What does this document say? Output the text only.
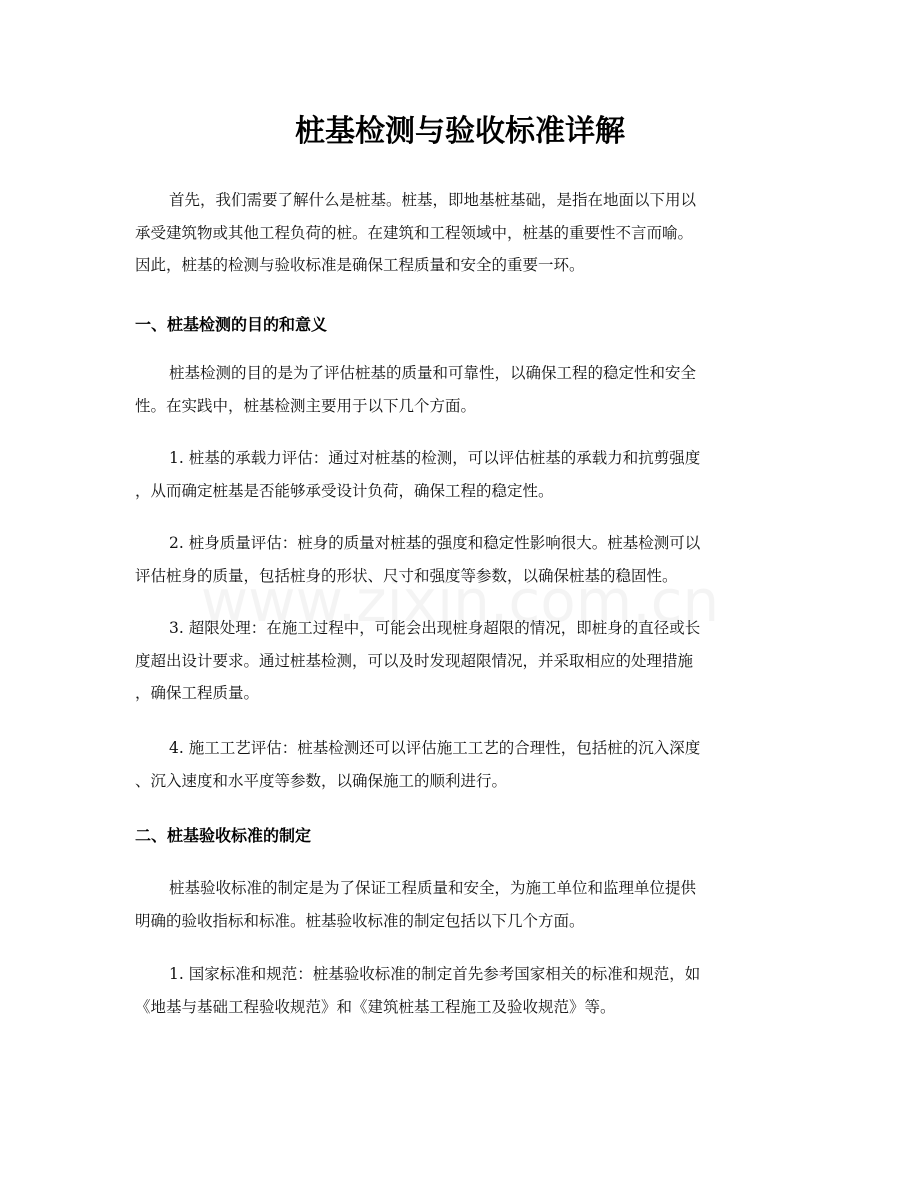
桩基检测与验收标准详解

首先，我们需要了解什么是桩基。桩基，即地基桩基础，是指在地面以下用以
承受建筑物或其他工程负荷的桩。在建筑和工程领域中，桩基的重要性不言而喻。
因此，桩基的检测与验收标准是确保工程质量和安全的重要一环。

一、桩基检测的目的和意义

桩基检测的目的是为了评估桩基的质量和可靠性，以确保工程的稳定性和安全
性。在实践中，桩基检测主要用于以下几个方面。

1. 桩基的承载力评估：通过对桩基的检测，可以评估桩基的承载力和抗剪强度
，从而确定桩基是否能够承受设计负荷，确保工程的稳定性。

2. 桩身质量评估：桩身的质量对桩基的强度和稳定性影响很大。桩基检测可以
评估桩身的质量，包括桩身的形状、尺寸和强度等参数，以确保桩基的稳固性。

3. 超限处理：在施工过程中，可能会出现桩身超限的情况，即桩身的直径或长
度超出设计要求。通过桩基检测，可以及时发现超限情况，并采取相应的处理措施
，确保工程质量。

4. 施工工艺评估：桩基检测还可以评估施工工艺的合理性，包括桩的沉入深度
、沉入速度和水平度等参数，以确保施工的顺利进行。

二、桩基验收标准的制定

桩基验收标准的制定是为了保证工程质量和安全，为施工单位和监理单位提供
明确的验收指标和标准。桩基验收标准的制定包括以下几个方面。

1. 国家标准和规范：桩基验收标准的制定首先参考国家相关的标准和规范，如
《地基与基础工程验收规范》和《建筑桩基工程施工及验收规范》等。
